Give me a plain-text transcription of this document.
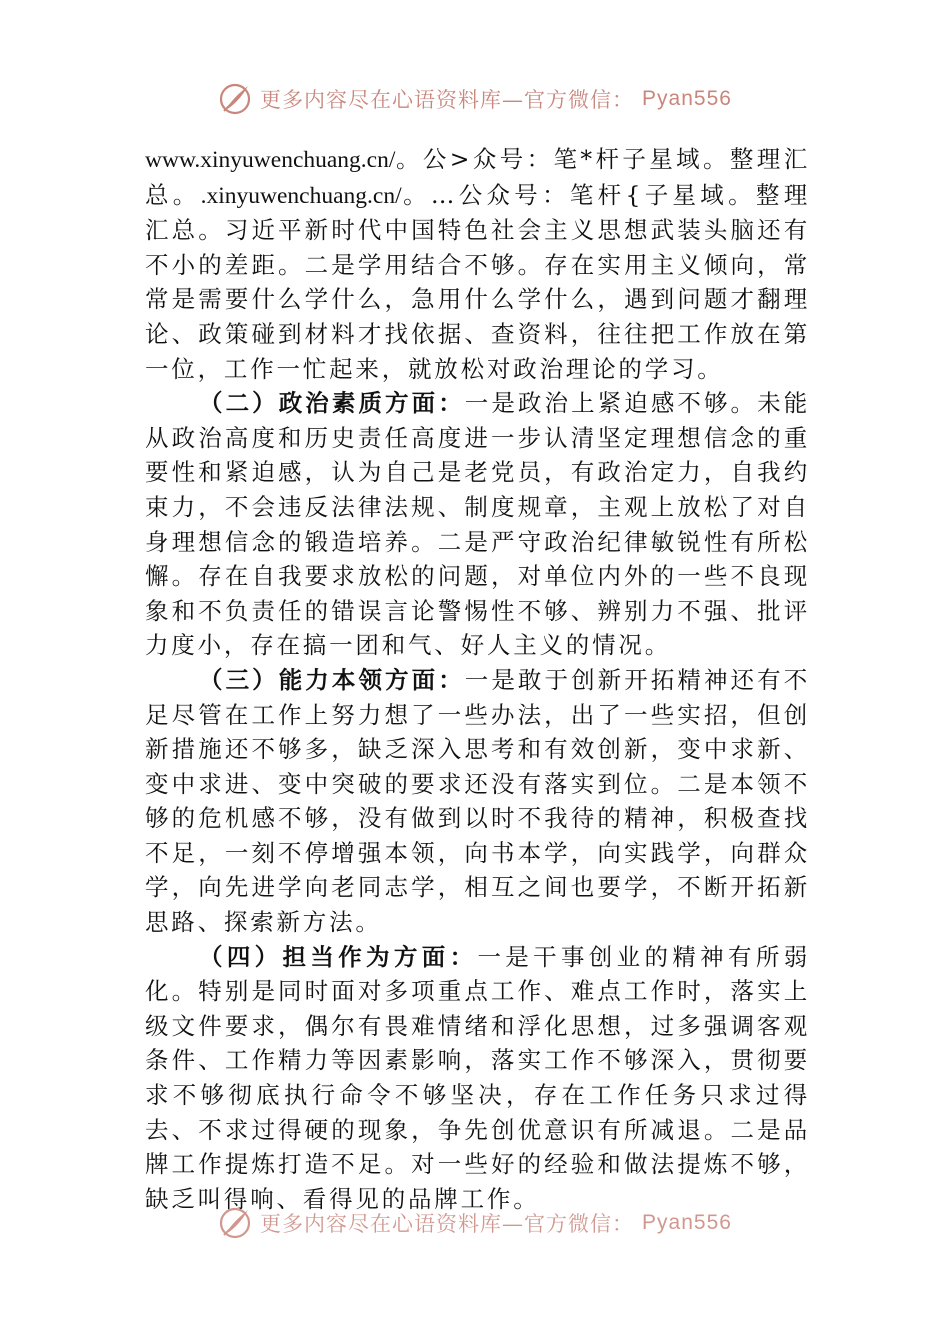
更多内容尽在心语资料库—官方微信： Pyan556

www.xinyuwenchuang.cn/。公>众号：笔*杆子星域。整理汇总。.xinyuwenchuang.cn/。…公众号：笔杆{子星域。整理汇总。习近平新时代中国特色社会主义思想武装头脑还有不小的差距。二是学用结合不够。存在实用主义倾向，常常是需要什么学什么，急用什么学什么，遇到问题才翻理论、政策碰到材料才找依据、查资料，往往把工作放在第一位，工作一忙起来，就放松对政治理论的学习。

（二）政治素质方面：一是政治上紧迫感不够。未能从政治高度和历史责任高度进一步认清坚定理想信念的重要性和紧迫感，认为自己是老党员，有政治定力，自我约束力，不会违反法律法规、制度规章，主观上放松了对自身理想信念的锻造培养。二是严守政治纪律敏锐性有所松懈。存在自我要求放松的问题，对单位内外的一些不良现象和不负责任的错误言论警惕性不够、辨别力不强、批评力度小，存在搞一团和气、好人主义的情况。

（三）能力本领方面：一是敢于创新开拓精神还有不足尽管在工作上努力想了一些办法，出了一些实招，但创新措施还不够多，缺乏深入思考和有效创新，变中求新、变中求进、变中突破的要求还没有落实到位。二是本领不够的危机感不够，没有做到以时不我待的精神，积极查找不足，一刻不停增强本领，向书本学，向实践学，向群众学，向先进学向老同志学，相互之间也要学，不断开拓新思路、探索新方法。

（四）担当作为方面：一是干事创业的精神有所弱化。特别是同时面对多项重点工作、难点工作时，落实上级文件要求，偶尔有畏难情绪和浮化思想，过多强调客观条件、工作精力等因素影响，落实工作不够深入，贯彻要求不够彻底执行命令不够坚决，存在工作任务只求过得去、不求过得硬的现象，争先创优意识有所减退。二是品牌工作提炼打造不足。对一些好的经验和做法提炼不够，缺乏叫得响、看得见的品牌工作。

更多内容尽在心语资料库—官方微信： Pyan556
